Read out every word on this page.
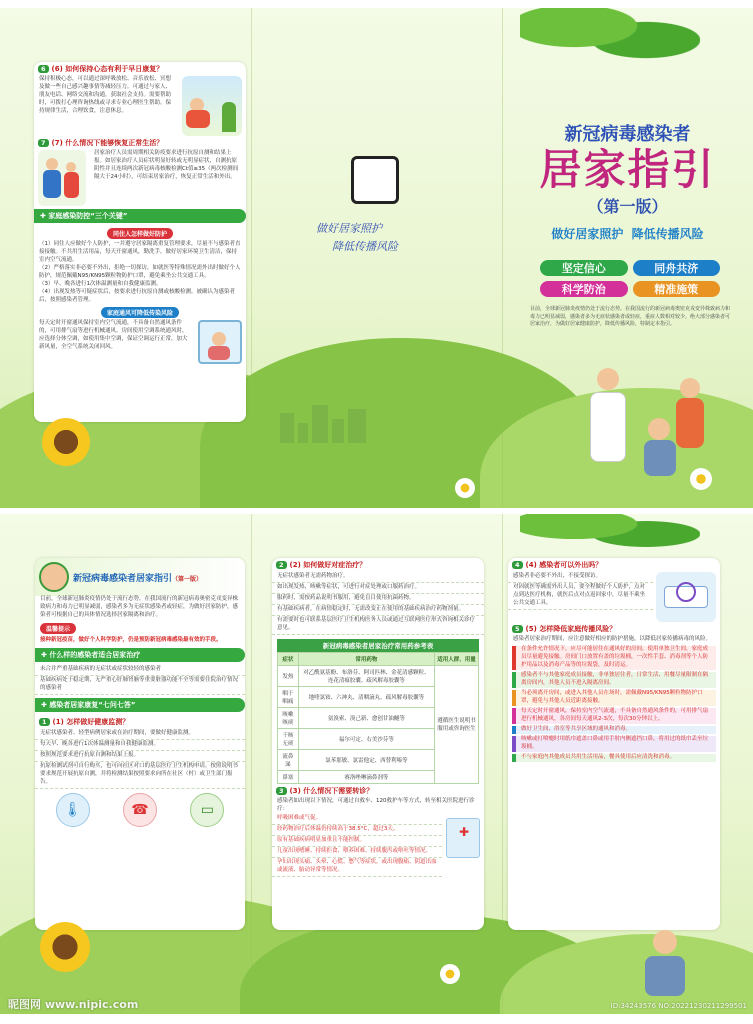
6 (6) 如何保持心态有利于早日康复？
保持积极心态，可以通过深呼吸放松、音乐放松、冥想及做一些自己感兴趣事情等减轻压力。可通过与家人、朋友电话、网络交流和沟通，获取社会支持。需要帮助时，可拨打心理咨询热线或寻求专业心理医生帮助。保持规律生活，合理饮食，注意休息。
7 (7) 什么情况下能够恢复正常生活？
居家治疗人员需周期相关防疫要求进行抗原自测和结果上报。如居家治疗人员症状明显好转或无明显症状，自测抗原阴性并且连续两次新冠病毒核酸检测Ct值≥35（两次检测间隔大于24小时），可结束居家治疗，恢复正常生活和外出。
✚ 家庭感染防控“三个关键”
同住人怎样做好防护
（1）同住人应做好个人防护，一并遵守居家隔离重复管理要求，尽量不与感染者直接接触。不共用生活用品，每天开窗通风，勤洗手，做好居家环境卫生清洁，保持室内空气流通。
（2）严格落实非必要不外出，拒绝一切探访，如就医等特殊情况需外出时做好个人防护，规范佩戴N95/KN95颗粒物防护口罩，避免乘坐公共交通工具。
（3）早、晚各进行1次体温测量和自我健康监测。
（4）出现发热等可疑症状后，按要求进行抗原自测或核酸检测。被确认为感染者后，按照感染者管理。
家庭通风可降低传染风险
每天定时开窗通风保持室内空气流通，不具备自然通风条件的，可用排气扇等进行机械通风。房间使用空调系统通风时，应选择分体空调，如使用集中空调，保证空调运行正常，加大新风量，全空气系统关闭回风。
做好居家照护
降低传播风险
新冠病毒感染者
居家指引
（第一版）
做好居家照护 降低传播风险
坚定信心	同舟共济
科学防治	精准施策
目前，全球新冠肺炎疫情仍处于流行态势。在我国流行的新冠病毒奥密克戎变异株致病力和毒力已明显减弱，感染者多为无症状感染者或轻症，重症人数相对较少。绝大部分感染者可居家治疗，为做好居家健康防护，降低传播风险，特制定本指引。
新冠病毒感染者居家指引（第一版）
目前，全球新冠肺炎疫情仍处于流行态势。在我国流行的新冠病毒奥密克戎变异株致病力和毒力已明显减弱，感染者多为无症状感染者或轻症，为做好居家防护，感染者可根据自己的具体情况选择居家隔离和治疗。
温馨提示
接种新冠疫苗，做好个人科学防护，仍是预防新冠病毒感染最有效的手段。
✚ 什么样的感染者适合居家治疗
未合并严重基础疾病的无症状或症状较轻的感染者
基础疾病处于稳定期，无严重心肝肺肾脑等重要脏器功能不全等需要住院治疗情况的感染者
✚ 感染者居家康复“七问七答”
1 (1) 怎样做好健康监测？
无症状感染者、轻型病例居家或在治疗期间，要做好健康监测。
每天早、晚各进行1次体温测量和自我健康监测。
按照规范要求进行抗原自测和结果上报。
抗原检测试剂可自行购买，也可向社区对口的基层医疗卫生机构申请。按照说明书要求规范开展抗原自测，并将检测结果按照要求向所在社区（村）或卫生部门报告。
🌡	☎	▭
2 (2) 如何做好对症治疗？
无症状感染者无需药物治疗。
如出现发热、咳嗽等症状，可进行对症处理或口服药治疗。
服药时，需按药品说明书服用，避免盲目使用抗菌药物。
有基础疾病者，在病情稳定时，无需改变正在使用的基础疾病治疗药物剂量。
有需要时也可联系基层医疗卫生机构医务人员或通过互联网医疗形式咨询相关诊疗意见。
新冠病毒感染者居家治疗常用药参考表
症状	常用药物	适用人群、用量
发热	对乙酰氨基酚、布洛芬、阿司匹林、金花清感颗粒、连花清瘟胶囊、疏风解毒胶囊等	遵循医生说明书服用或咨询医生
咽干咽痛	地喹氯铵、六神丸、清咽滴丸、疏风解毒胶囊等	
咳嗽咳痰	氨溴索、溴己新、愈创甘油醚等	
干咳无痰	福尔可定、右美沙芬等	
流鼻涕	氯苯那敏、氯雷他定、西替利嗪等	
鼻塞	赛洛唑啉滴鼻剂等	
3 (3) 什么情况下需要转诊？
感染者如出现以下情况，可通过自救车、120救护车等方式，转至相关医院进行诊疗：
呼吸困难或气促。
经药物治疗后体温仍持续高于38.5°C，超过3天。
原有基础疾病明显加重且不能控制。
儿童出现嗜睡、持续拒食、喂养困难、持续腹泻或呕吐等情况。
孕妇出现头痛、头晕、心慌、憋气等症状，或出现腹痛、阴道出血或流液、胎动异常等情况。
✚
4 (4) 感染者可以外出吗？
感染者非必要不外出，不接受探访。
对因就医等确需外出人员，要全程做好个人防护，点对点到达医疗机构，就医后点对点返回家中，尽量不乘坐公共交通工具。
5 (5) 怎样降低家庭传播风险？
感染者居家治疗期间，应注意做好相应的防护措施，以降低居家传播病毒的风险。
在条件允许情况下，应尽可能居住在通风好的房间，使用单独卫生间，家庭成员尽量避免接触。房间门口放置有盖的垃圾桶，一次性手套、消毒剂等个人防护用品以及消毒产品等的垃圾袋，及时清运。
感染者不与其他家庭成员接触，非单独居住者，日常生活、用餐尽量限制在隔离房间内，其他人员不进入隔离房间。
当必须离开房间，或进入其他人员在场时，需佩戴N95/KN95颗粒物防护口罩，避免与其他人员近距离接触。
每天定时开窗通风，保持室内空气流通，不具备自然通风条件的，可用排气扇进行机械通风，各房间每天通风2-3次，每次30分钟以上。
做好卫生间、浴室等共享区域的通风和消毒。
咳嗽或打喷嚏时用纸巾遮盖口鼻或用手肘内侧遮挡口鼻，将用过的纸巾丢至垃圾桶。
不与家庭内其他成员共用生活用品，餐具使用后应清洗和消毒。
昵图网 www.nipic.com	ID:34243576 NO:20221230211299501
